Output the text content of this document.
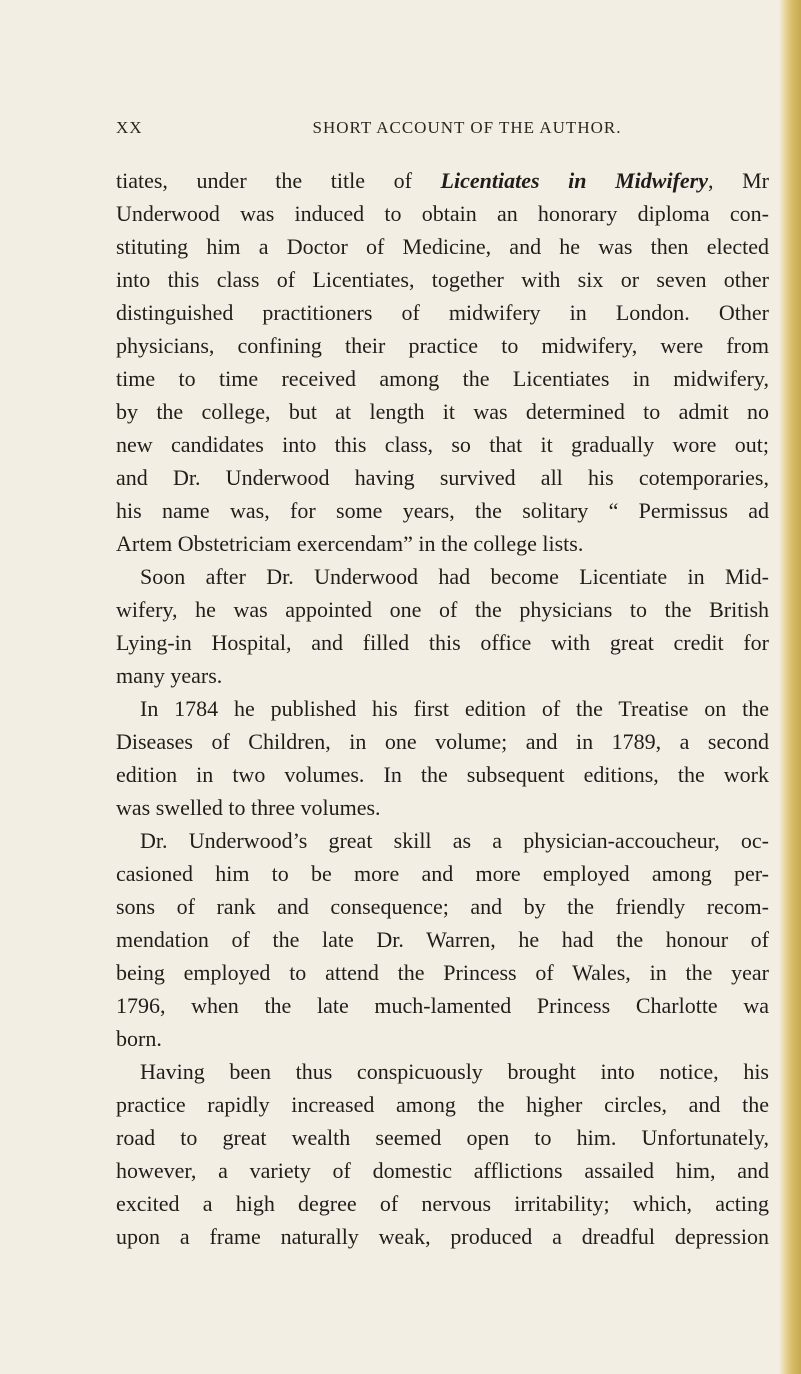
XX	SHORT ACCOUNT OF THE AUTHOR.
tiates, under the title of Licentiates in Midwifery, Mr
Underwood was induced to obtain an honorary diploma con-
stituting him a Doctor of Medicine, and he was then elected
into this class of Licentiates, together with six or seven other
distinguished practitioners of midwifery in London. Other
physicians, confining their practice to midwifery, were from
time to time received among the Licentiates in midwifery,
by the college, but at length it was determined to admit no
new candidates into this class, so that it gradually wore out;
and Dr. Underwood having survived all his cotemporaries,
his name was, for some years, the solitary “ Permissus ad
Artem Obstetriciam exercendam” in the college lists.
Soon after Dr. Underwood had become Licentiate in Mid-
wifery, he was appointed one of the physicians to the British
Lying-in Hospital, and filled this office with great credit for
many years.
In 1784 he published his first edition of the Treatise on the
Diseases of Children, in one volume; and in 1789, a second
edition in two volumes. In the subsequent editions, the work
was swelled to three volumes.
Dr. Underwood’s great skill as a physician-accoucheur, oc-
casioned him to be more and more employed among per-
sons of rank and consequence; and by the friendly recom-
mendation of the late Dr. Warren, he had the honour of
being employed to attend the Princess of Wales, in the year
1796, when the late much-lamented Princess Charlotte wa
born.
Having been thus conspicuously brought into notice, his
practice rapidly increased among the higher circles, and the
road to great wealth seemed open to him. Unfortunately,
however, a variety of domestic afflictions assailed him, and
excited a high degree of nervous irritability; which, acting
upon a frame naturally weak, produced a dreadful depression
